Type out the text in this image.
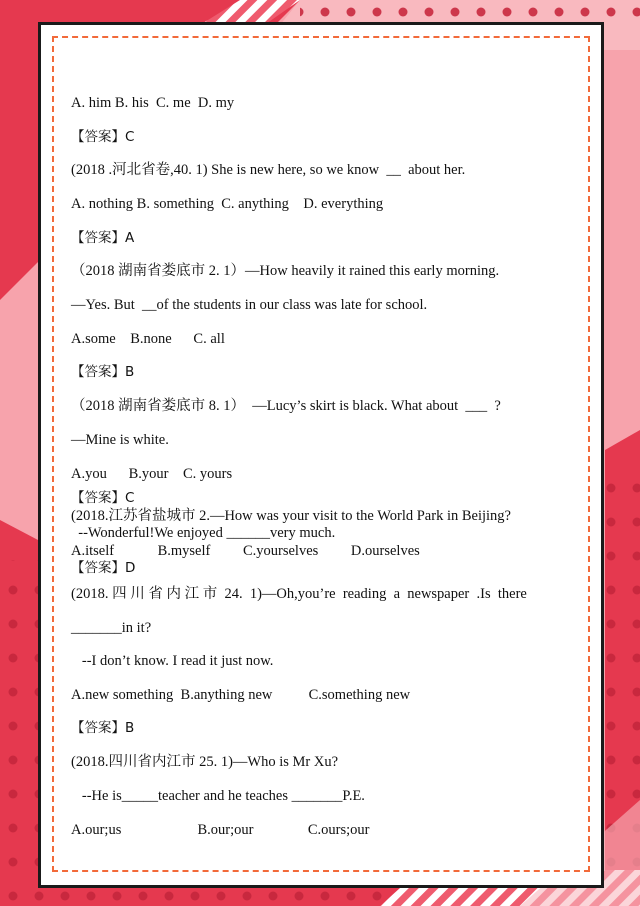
A. him B. his  C. me  D. my
【答案】C
(2018 .河北省卷,40. 1) She is new here, so we know  __  about her.
A. nothing B. something  C. anything    D. everything
【答案】A
（2018 湖南省娄底市 2. 1）—How heavily it rained this early morning.
—Yes. But  __of the students in our class was late for school.
A.some    B.none      C. all
【答案】B
（2018 湖南省娄底市 8. 1）  —Lucy’s skirt is black. What about  ___  ?
—Mine is white.
A.you      B.your    C. yours
【答案】C
(2018.江苏省盐城市 2.—How was your visit to the World Park in Beijing?
--Wonderful!We enjoyed ______very much.
A.itself            B.myself         C.yourselves         D.ourselves
【答案】D
(2018. 四 川 省 内 江 市  24.  1)—Oh,you’re  reading  a  newspaper  .Is  there
_______in it?
--I don’t know. I read it just now.
A.new something  B.anything new          C.something new
【答案】B
(2018.四川省内江市 25. 1)—Who is Mr Xu?
--He is_____teacher and he teaches _______P.E.
A.our;us                     B.our;our               C.ours;our
